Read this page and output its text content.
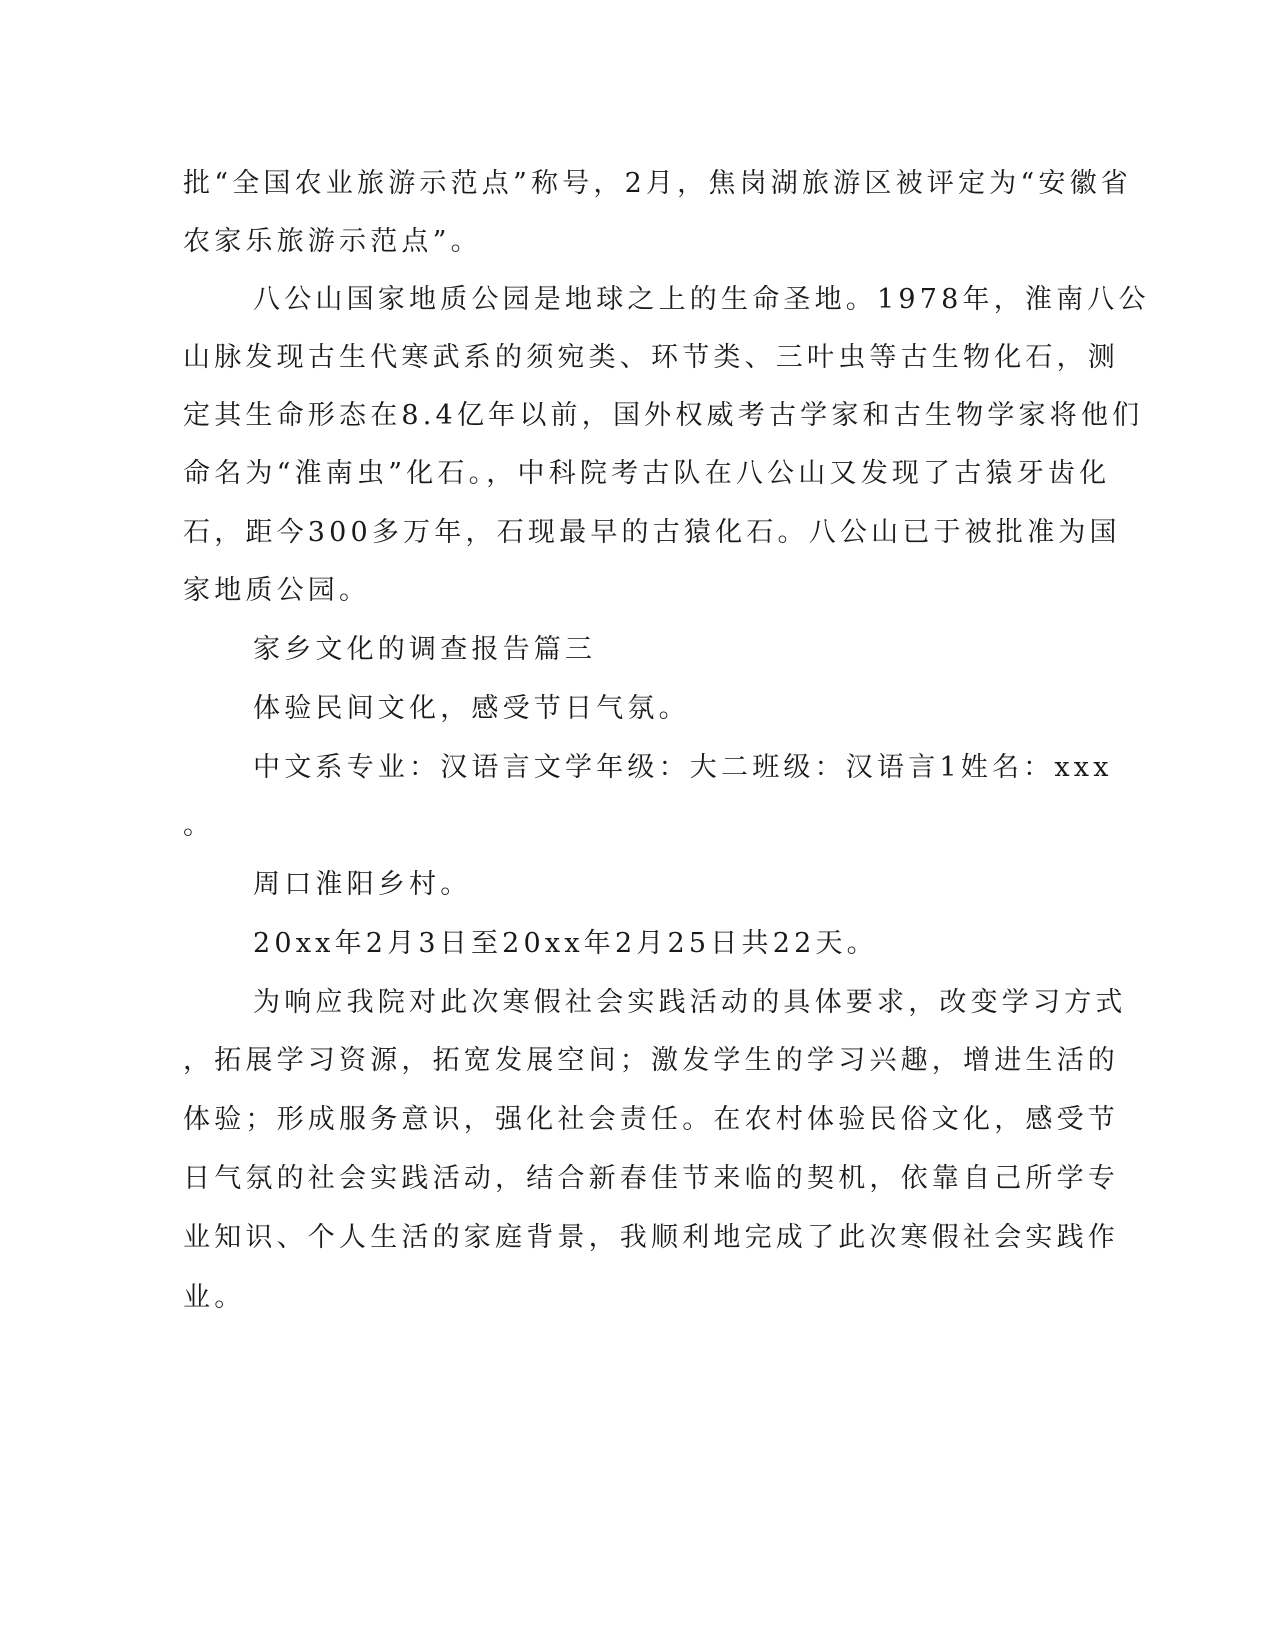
批“全国农业旅游示范点”称号，2月，焦岗湖旅游区被评定为“安徽省
农家乐旅游示范点”。
八公山国家地质公园是地球之上的生命圣地。1978年，淮南八公
山脉发现古生代寒武系的须宛类、环节类、三叶虫等古生物化石，测
定其生命形态在8.4亿年以前，国外权威考古学家和古生物学家将他们
命名为“淮南虫”化石。，中科院考古队在八公山又发现了古猿牙齿化
石，距今300多万年，石现最早的古猿化石。八公山已于被批准为国
家地质公园。
家乡文化的调查报告篇三
体验民间文化，感受节日气氛。
中文系专业：汉语言文学年级：大二班级：汉语言1姓名：xxx
。
周口淮阳乡村。
20xx年2月3日至20xx年2月25日共22天。
为响应我院对此次寒假社会实践活动的具体要求，改变学习方式
，拓展学习资源，拓宽发展空间；激发学生的学习兴趣，增进生活的
体验；形成服务意识，强化社会责任。在农村体验民俗文化，感受节
日气氛的社会实践活动，结合新春佳节来临的契机，依靠自己所学专
业知识、个人生活的家庭背景，我顺利地完成了此次寒假社会实践作
业。
